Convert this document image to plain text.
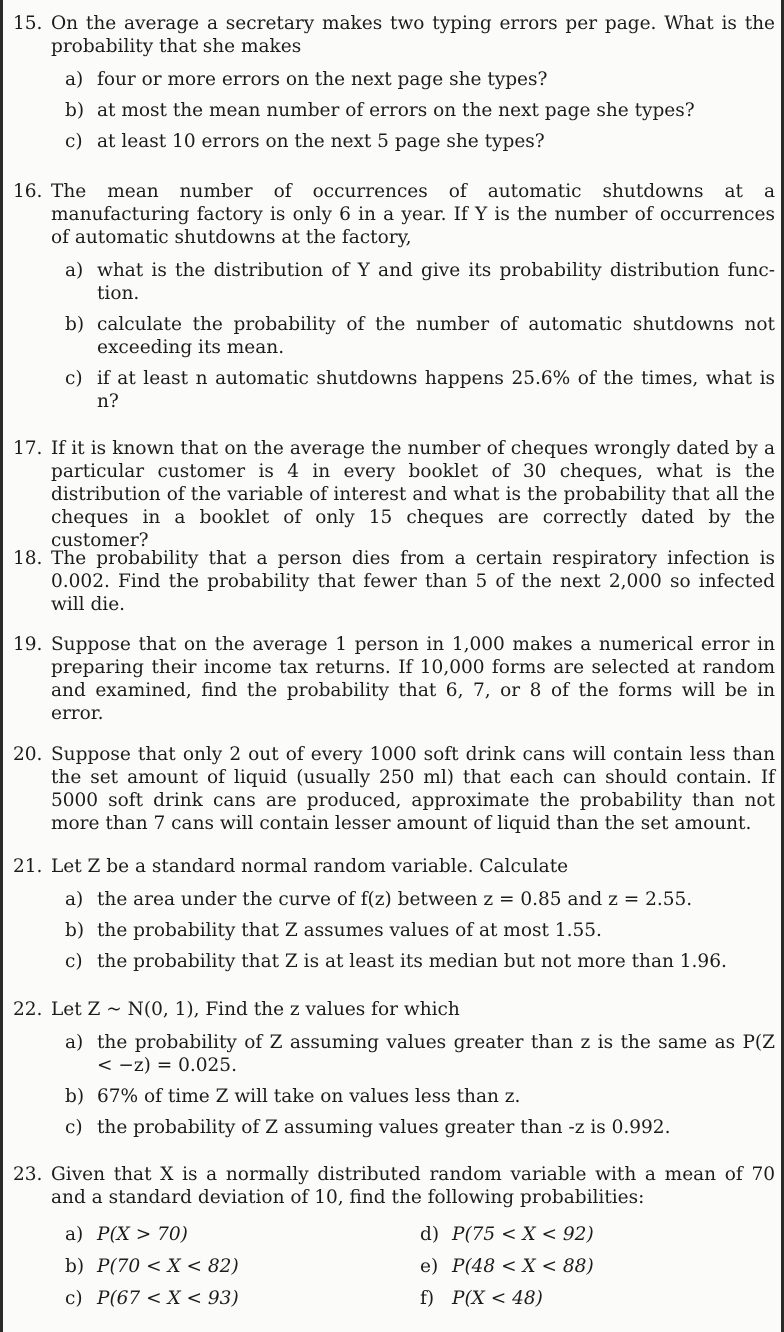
15. On the average a secretary makes two typing errors per page. What is the probability that she makes
a) four or more errors on the next page she types?
b) at most the mean number of errors on the next page she types?
c) at least 10 errors on the next 5 page she types?
16. The mean number of occurrences of automatic shutdowns at a manufacturing factory is only 6 in a year. If Y is the number of occurrences of automatic shutdowns at the factory,
a) what is the distribution of Y and give its probability distribution func-tion.
b) calculate the probability of the number of automatic shutdowns not exceeding its mean.
c) if at least n automatic shutdowns happens 25.6% of the times, what is n?
17. If it is known that on the average the number of cheques wrongly dated by a particular customer is 4 in every booklet of 30 cheques, what is the distribution of the variable of interest and what is the probability that all the cheques in a booklet of only 15 cheques are correctly dated by the customer?
18. The probability that a person dies from a certain respiratory infection is 0.002. Find the probability that fewer than 5 of the next 2,000 so infected will die.
19. Suppose that on the average 1 person in 1,000 makes a numerical error in preparing their income tax returns. If 10,000 forms are selected at random and examined, find the probability that 6, 7, or 8 of the forms will be in error.
20. Suppose that only 2 out of every 1000 soft drink cans will contain less than the set amount of liquid (usually 250 ml) that each can should contain. If 5000 soft drink cans are produced, approximate the probability than not more than 7 cans will contain lesser amount of liquid than the set amount.
21. Let Z be a standard normal random variable. Calculate
a) the area under the curve of f(z) between z = 0.85 and z = 2.55.
b) the probability that Z assumes values of at most 1.55.
c) the probability that Z is at least its median but not more than 1.96.
22. Let Z ~ N(0, 1), Find the z values for which
a) the probability of Z assuming values greater than z is the same as P(Z < −z) = 0.025.
b) 67% of time Z will take on values less than z.
c) the probability of Z assuming values greater than -z is 0.992.
23. Given that X is a normally distributed random variable with a mean of 70 and a standard deviation of 10, find the following probabilities:
a) P(X > 70)
b) P(70 < X < 82)
c) P(67 < X < 93)
d) P(75 < X < 92)
e) P(48 < X < 88)
f) P(X < 48)
